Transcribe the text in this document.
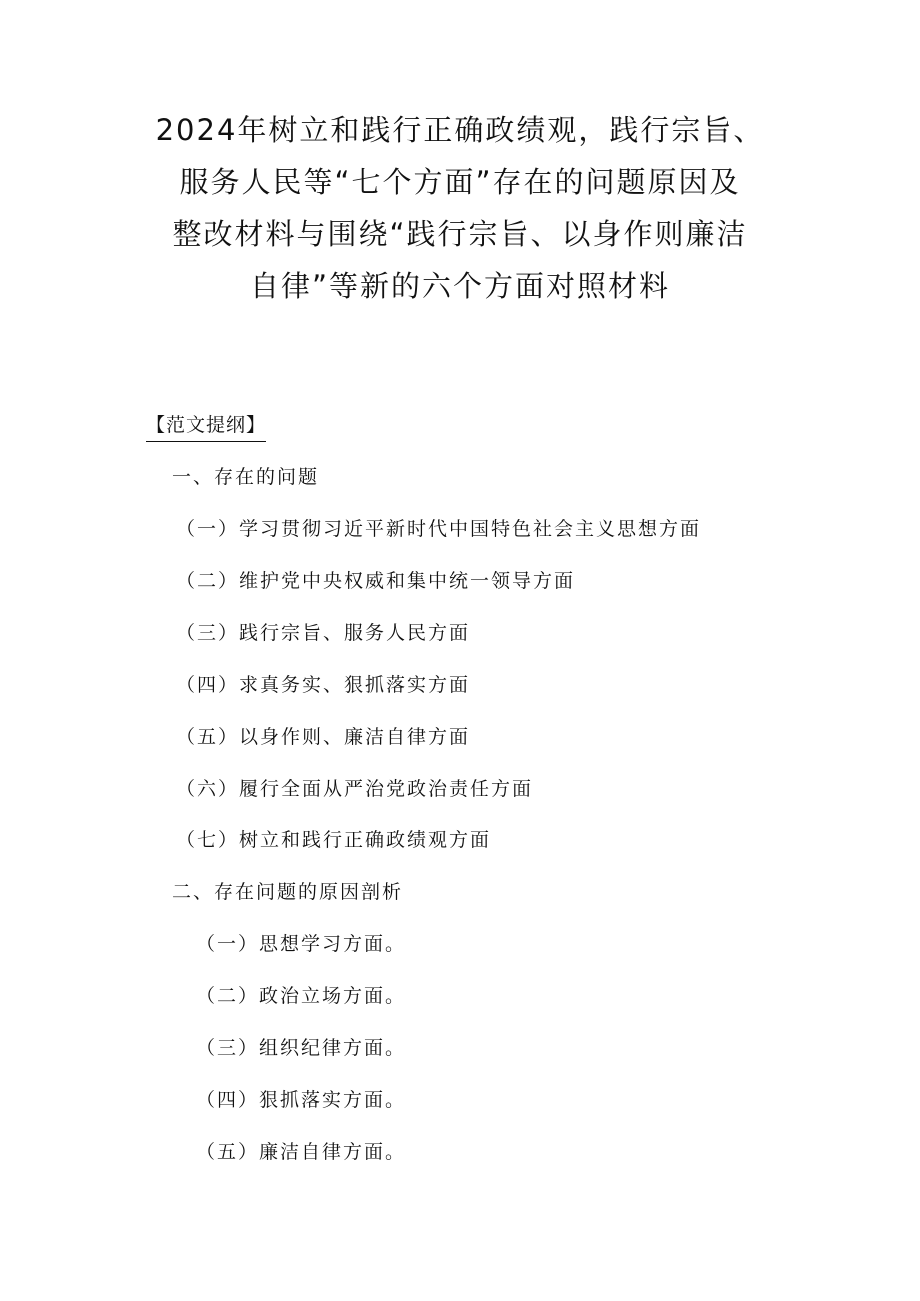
2024年树立和践行正确政绩观，践行宗旨、
服务人民等“七个方面”存在的问题原因及
整改材料与围绕“践行宗旨、以身作则廉洁
自律”等新的六个方面对照材料
【范文提纲】
一、存在的问题
（一）学习贯彻习近平新时代中国特色社会主义思想方面
（二）维护党中央权威和集中统一领导方面
（三）践行宗旨、服务人民方面
（四）求真务实、狠抓落实方面
（五）以身作则、廉洁自律方面
（六）履行全面从严治党政治责任方面
（七）树立和践行正确政绩观方面
二、存在问题的原因剖析
（一）思想学习方面。
（二）政治立场方面。
（三）组织纪律方面。
（四）狠抓落实方面。
（五）廉洁自律方面。
